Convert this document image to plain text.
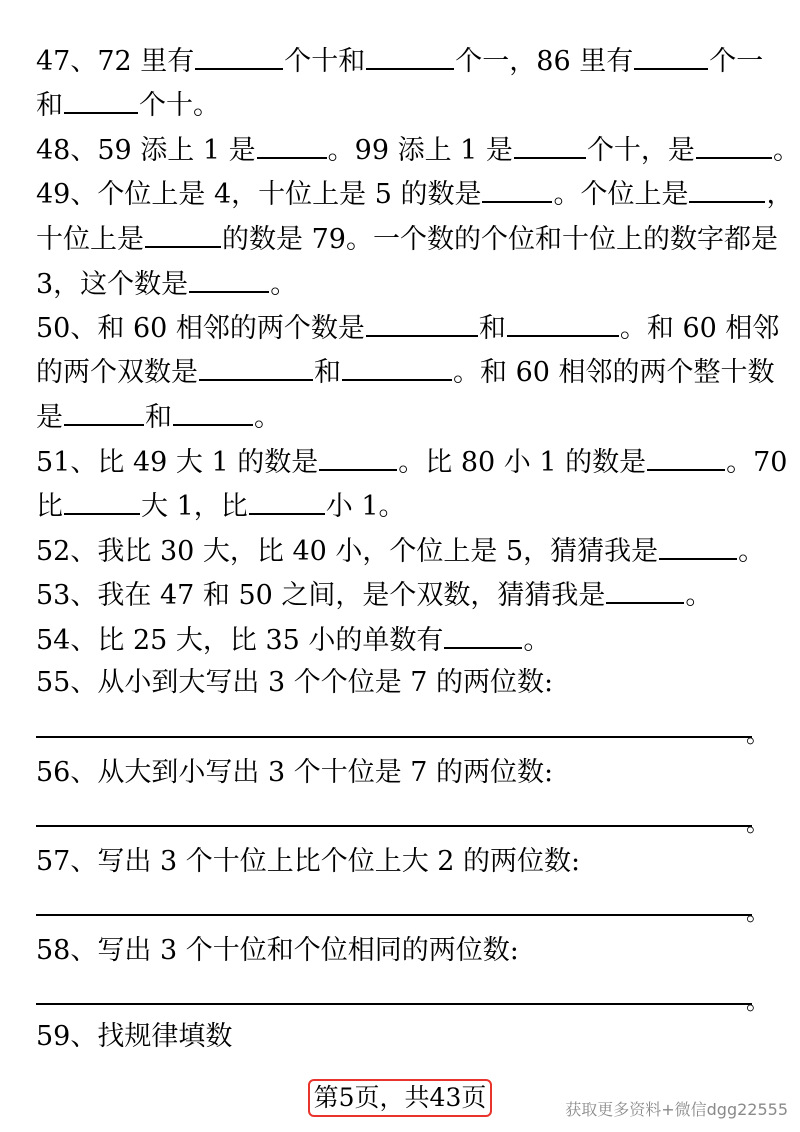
47、72 里有	个十和	个一，86 里有	个一
和	个十。
48、59 添上 1 是	。99 添上 1 是	个十，是	。
49、个位上是 4，十位上是 5 的数是	。个位上是	，
十位上是	的数是 79。一个数的个位和十位上的数字都是
3，这个数是	。
50、和 60 相邻的两个数是	和	。和 60 相邻
的两个双数是	和	。和 60 相邻的两个整十数
是	和	。
51、比 49 大 1 的数是	。比 80 小 1 的数是	。70
比	大 1，比	小 1。
52、我比 30 大，比 40 小，个位上是 5，猜猜我是	。
53、我在 47 和 50 之间，是个双数，猜猜我是	。
54、比 25 大，比 35 小的单数有	。
55、从小到大写出 3 个个位是 7 的两位数:
。
56、从大到小写出 3 个十位是 7 的两位数:
。
57、写出 3 个十位上比个位上大 2 的两位数:
。
58、写出 3 个十位和个位相同的两位数:
。
59、找规律填数
第5页，共43页	获取更多资料+微信dgg22555
